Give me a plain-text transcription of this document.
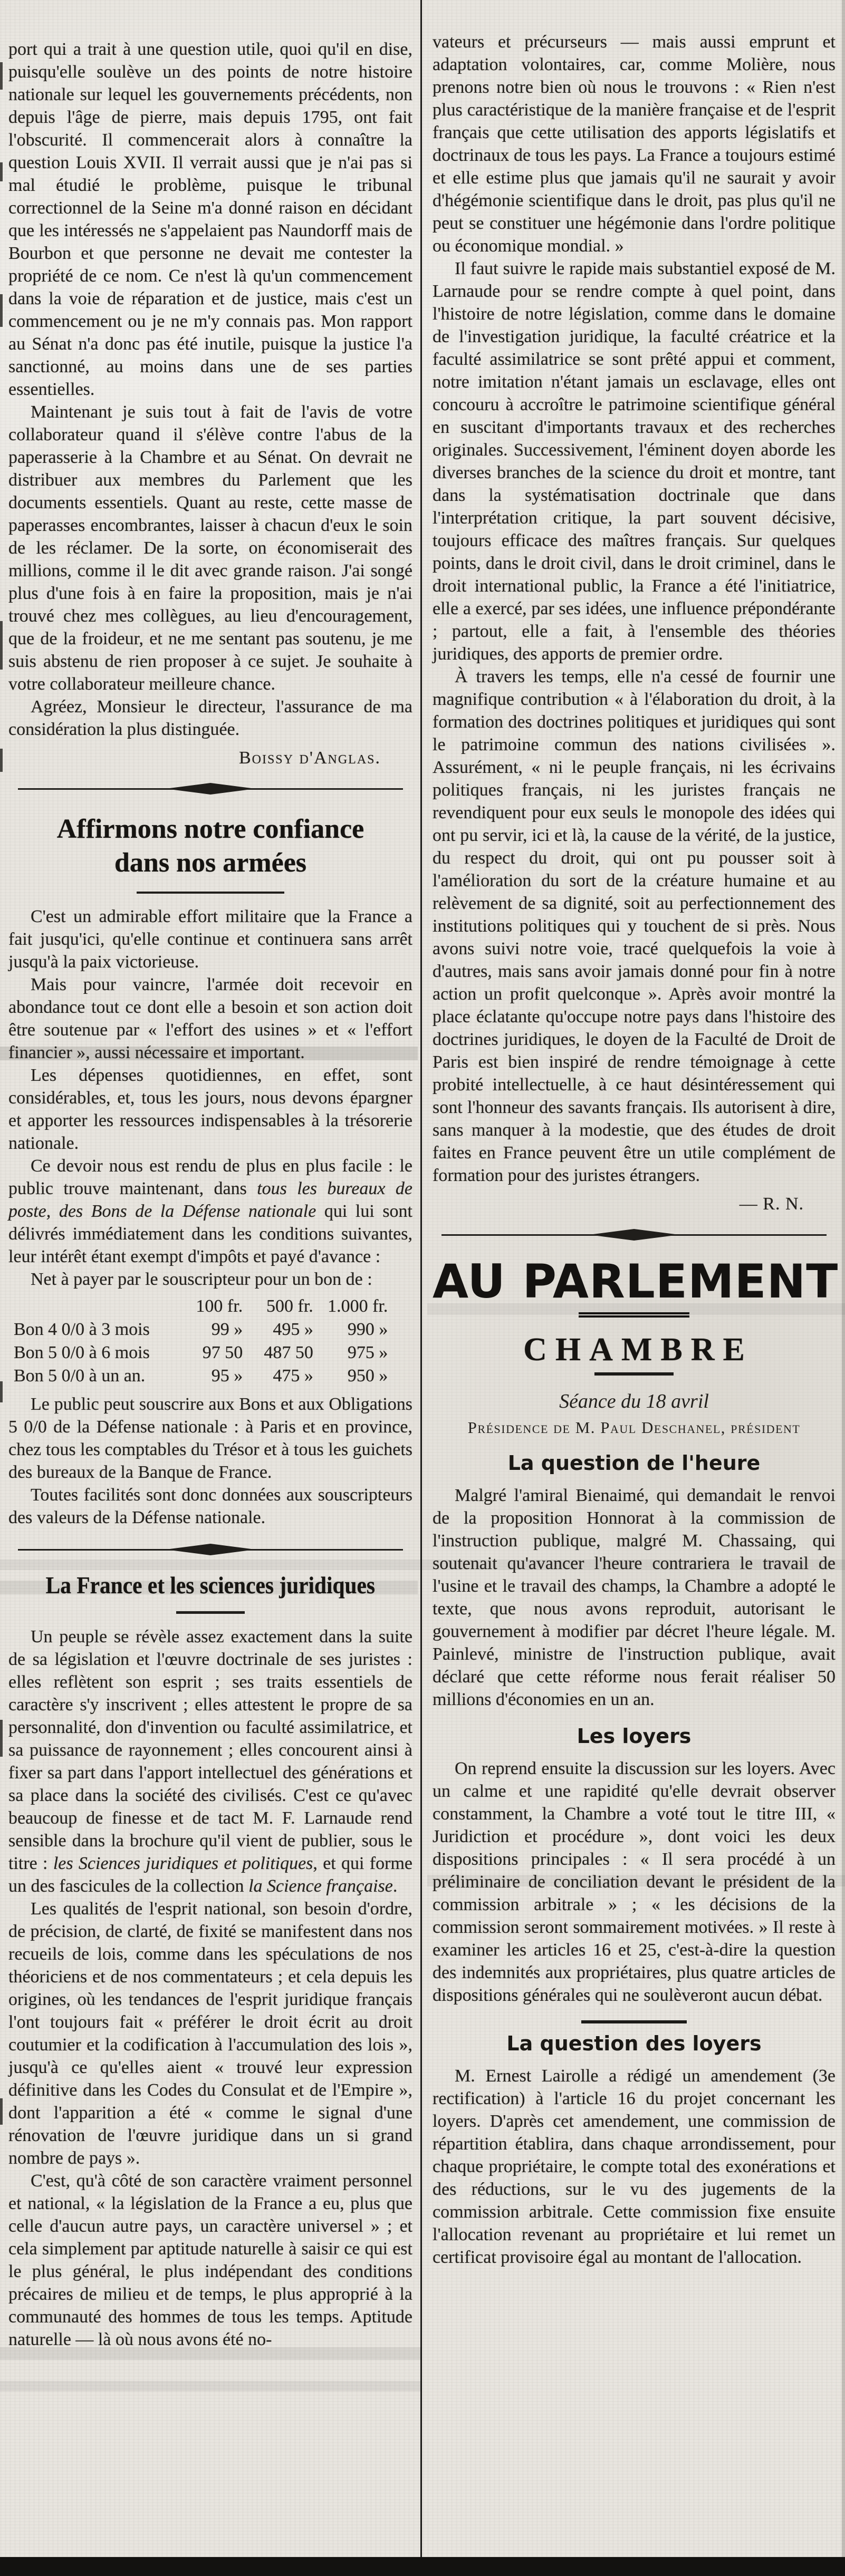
port qui a trait à une question utile, quoi qu'il en dise, puisqu'elle soulève un des points de notre histoire nationale sur lequel les gouvernements précédents, non depuis l'âge de pierre, mais depuis 1795, ont fait l'obscurité. Il commencerait alors à connaître la question Louis XVII. Il verrait aussi que je n'ai pas si mal étudié le problème, puisque le tribunal correctionnel de la Seine m'a donné raison en décidant que les intéressés ne s'appelaient pas Naundorff mais de Bourbon et que personne ne devait me contester la propriété de ce nom. Ce n'est là qu'un commencement dans la voie de réparation et de justice, mais c'est un commencement ou je ne m'y connais pas. Mon rapport au Sénat n'a donc pas été inutile, puisque la justice l'a sanctionné, au moins dans une de ses parties essentielles.

Maintenant je suis tout à fait de l'avis de votre collaborateur quand il s'élève contre l'abus de la paperasserie à la Chambre et au Sénat. On devrait ne distribuer aux membres du Parlement que les documents essentiels. Quant au reste, cette masse de paperasses encombrantes, laisser à chacun d'eux le soin de les réclamer. De la sorte, on économiserait des millions, comme il le dit avec grande raison. J'ai songé plus d'une fois à en faire la proposition, mais je n'ai trouvé chez mes collègues, au lieu d'encouragement, que de la froideur, et ne me sentant pas soutenu, je me suis abstenu de rien proposer à ce sujet. Je souhaite à votre collaborateur meilleure chance.

Agréez, Monsieur le directeur, l'assurance de ma considération la plus distinguée.

Boissy d'Anglas.
Affirmons notre confiance
dans nos armées

C'est un admirable effort militaire que la France a fait jusqu'ici, qu'elle continue et continuera sans arrêt jusqu'à la paix victorieuse.

Mais pour vaincre, l'armée doit recevoir en abondance tout ce dont elle a besoin et son action doit être soutenue par « l'effort des usines » et « l'effort financier », aussi nécessaire et important.

Les dépenses quotidiennes, en effet, sont considérables, et, tous les jours, nous devons épargner et apporter les ressources indispensables à la trésorerie nationale.

Ce devoir nous est rendu de plus en plus facile : le public trouve maintenant, dans tous les bureaux de poste, des Bons de la Défense nationale qui lui sont délivrés immédiatement dans les conditions suivantes, leur intérêt étant exempt d'impôts et payé d'avance :

Net à payer par le souscripteur pour un bon de :

	100 fr.	500 fr.	1.000 fr.
Bon 4 0/0 à 3 mois	99 »	495 »	990 »
Bon 5 0/0 à 6 mois	97 50	487 50	975 »
Bon 5 0/0 à un an.	95 »	475 »	950 »

Le public peut souscrire aux Bons et aux Obligations 5 0/0 de la Défense nationale : à Paris et en province, chez tous les comptables du Trésor et à tous les guichets des bureaux de la Banque de France.

Toutes facilités sont donc données aux souscripteurs des valeurs de la Défense nationale.

La France et les sciences juridiques

Un peuple se révèle assez exactement dans la suite de sa législation et l'œuvre doctrinale de ses juristes : elles reflètent son esprit ; ses traits essentiels de caractère s'y inscrivent ; elles attestent le propre de sa personnalité, don d'invention ou faculté assimilatrice, et sa puissance de rayonnement ; elles concourent ainsi à fixer sa part dans l'apport intellectuel des générations et sa place dans la société des civilisés. C'est ce qu'avec beaucoup de finesse et de tact M. F. Larnaude rend sensible dans la brochure qu'il vient de publier, sous le titre : les Sciences juridiques et politiques, et qui forme un des fascicules de la collection la Science française.

Les qualités de l'esprit national, son besoin d'ordre, de précision, de clarté, de fixité se manifestent dans nos recueils de lois, comme dans les spéculations de nos théoriciens et de nos commentateurs ; et cela depuis les origines, où les tendances de l'esprit juridique français l'ont toujours fait « préférer le droit écrit au droit coutumier et la codification à l'accumulation des lois », jusqu'à ce qu'elles aient « trouvé leur expression définitive dans les Codes du Consulat et de l'Empire », dont l'apparition a été « comme le signal d'une rénovation de l'œuvre juridique dans un si grand nombre de pays ».

C'est, qu'à côté de son caractère vraiment personnel et national, « la législation de la France a eu, plus que celle d'aucun autre pays, un caractère universel » ; et cela simplement par aptitude naturelle à saisir ce qui est le plus général, le plus indépendant des conditions précaires de milieu et de temps, le plus approprié à la communauté des hommes de tous les temps. Aptitude naturelle — là où nous avons été no-

vateurs et précurseurs — mais aussi emprunt et adaptation volontaires, car, comme Molière, nous prenons notre bien où nous le trouvons : « Rien n'est plus caractéristique de la manière française et de l'esprit français que cette utilisation des apports législatifs et doctrinaux de tous les pays. La France a toujours estimé et elle estime plus que jamais qu'il ne saurait y avoir d'hégémonie scientifique dans le droit, pas plus qu'il ne peut se constituer une hégémonie dans l'ordre politique ou économique mondial. »

Il faut suivre le rapide mais substantiel exposé de M. Larnaude pour se rendre compte à quel point, dans l'histoire de notre législation, comme dans le domaine de l'investigation juridique, la faculté créatrice et la faculté assimilatrice se sont prêté appui et comment, notre imitation n'étant jamais un esclavage, elles ont concouru à accroître le patrimoine scientifique général en suscitant d'importants travaux et des recherches originales. Successivement, l'éminent doyen aborde les diverses branches de la science du droit et montre, tant dans la systématisation doctrinale que dans l'interprétation critique, la part souvent décisive, toujours efficace des maîtres français. Sur quelques points, dans le droit civil, dans le droit criminel, dans le droit international public, la France a été l'initiatrice, elle a exercé, par ses idées, une influence prépondérante ; partout, elle a fait, à l'ensemble des théories juridiques, des apports de premier ordre.

À travers les temps, elle n'a cessé de fournir une magnifique contribution « à l'élaboration du droit, à la formation des doctrines politiques et juridiques qui sont le patrimoine commun des nations civilisées ». Assurément, « ni le peuple français, ni les écrivains politiques français, ni les juristes français ne revendiquent pour eux seuls le monopole des idées qui ont pu servir, ici et là, la cause de la vérité, de la justice, du respect du droit, qui ont pu pousser soit à l'amélioration du sort de la créature humaine et au relèvement de sa dignité, soit au perfectionnement des institutions politiques qui y touchent de si près. Nous avons suivi notre voie, tracé quelquefois la voie à d'autres, mais sans avoir jamais donné pour fin à notre action un profit quelconque ». Après avoir montré la place éclatante qu'occupe notre pays dans l'histoire des doctrines juridiques, le doyen de la Faculté de Droit de Paris est bien inspiré de rendre témoignage à cette probité intellectuelle, à ce haut désintéressement qui sont l'honneur des savants français. Ils autorisent à dire, sans manquer à la modestie, que des études de droit faites en France peuvent être un utile complément de formation pour des juristes étrangers.

— R. N.
AU PARLEMENT
CHAMBRE
Séance du 18 avril
Présidence de M. Paul Deschanel, président
La question de l'heure

Malgré l'amiral Bienaimé, qui demandait le renvoi de la proposition Honnorat à la commission de l'instruction publique, malgré M. Chassaing, qui soutenait qu'avancer l'heure contrariera le travail de l'usine et le travail des champs, la Chambre a adopté le texte, que nous avons reproduit, autorisant le gouvernement à modifier par décret l'heure légale. M. Painlevé, ministre de l'instruction publique, avait déclaré que cette réforme nous ferait réaliser 50 millions d'économies en un an.

Les loyers

On reprend ensuite la discussion sur les loyers. Avec un calme et une rapidité qu'elle devrait observer constamment, la Chambre a voté tout le titre III, « Juridiction et procédure », dont voici les deux dispositions principales : « Il sera procédé à un préliminaire de conciliation devant le président de la commission arbitrale » ; « les décisions de la commission seront sommairement motivées. » Il reste à examiner les articles 16 et 25, c'est-à-dire la question des indemnités aux propriétaires, plus quatre articles de dispositions générales qui ne soulèveront aucun débat.

La question des loyers

M. Ernest Lairolle a rédigé un amendement (3e rectification) à l'article 16 du projet concernant les loyers. D'après cet amendement, une commission de répartition établira, dans chaque arrondissement, pour chaque propriétaire, le compte total des exonérations et des réductions, sur le vu des jugements de la commission arbitrale. Cette commission fixe ensuite l'allocation revenant au propriétaire et lui remet un certificat provisoire égal au montant de l'allocation.
